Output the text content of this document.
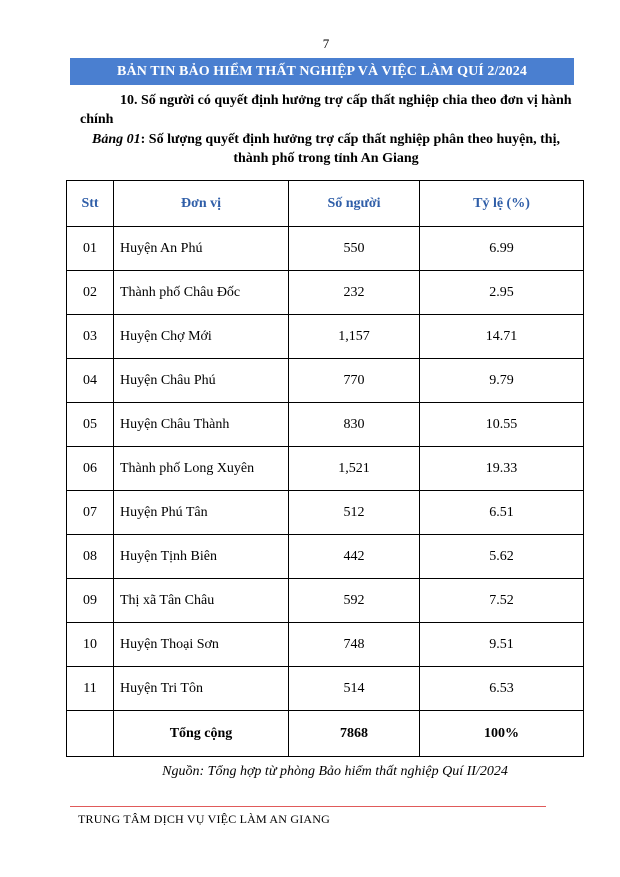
7
BẢN TIN BẢO HIỂM THẤT NGHIỆP VÀ VIỆC LÀM QUÍ 2/2024
10. Số người có quyết định hưởng trợ cấp thất nghiệp chia theo đơn vị hành
chính
Bảng 01: Số lượng quyết định hưởng trợ cấp thất nghiệp phân theo huyện, thị,
thành phố trong tỉnh An Giang
Stt	Đơn vị	Số người	Tỷ lệ (%)
01	Huyện An Phú	550	6.99
02	Thành phố Châu Đốc	232	2.95
03	Huyện Chợ Mới	1,157	14.71
04	Huyện Châu Phú	770	9.79
05	Huyện Châu Thành	830	10.55
06	Thành phố Long Xuyên	1,521	19.33
07	Huyện Phú Tân	512	6.51
08	Huyện Tịnh Biên	442	5.62
09	Thị xã Tân Châu	592	7.52
10	Huyện Thoại Sơn	748	9.51
11	Huyện Tri Tôn	514	6.53
	Tổng cộng	7868	100%
Nguồn: Tổng hợp từ phòng Bảo hiểm thất nghiệp Quí II/2024
TRUNG TÂM DỊCH VỤ VIỆC LÀM AN GIANG
